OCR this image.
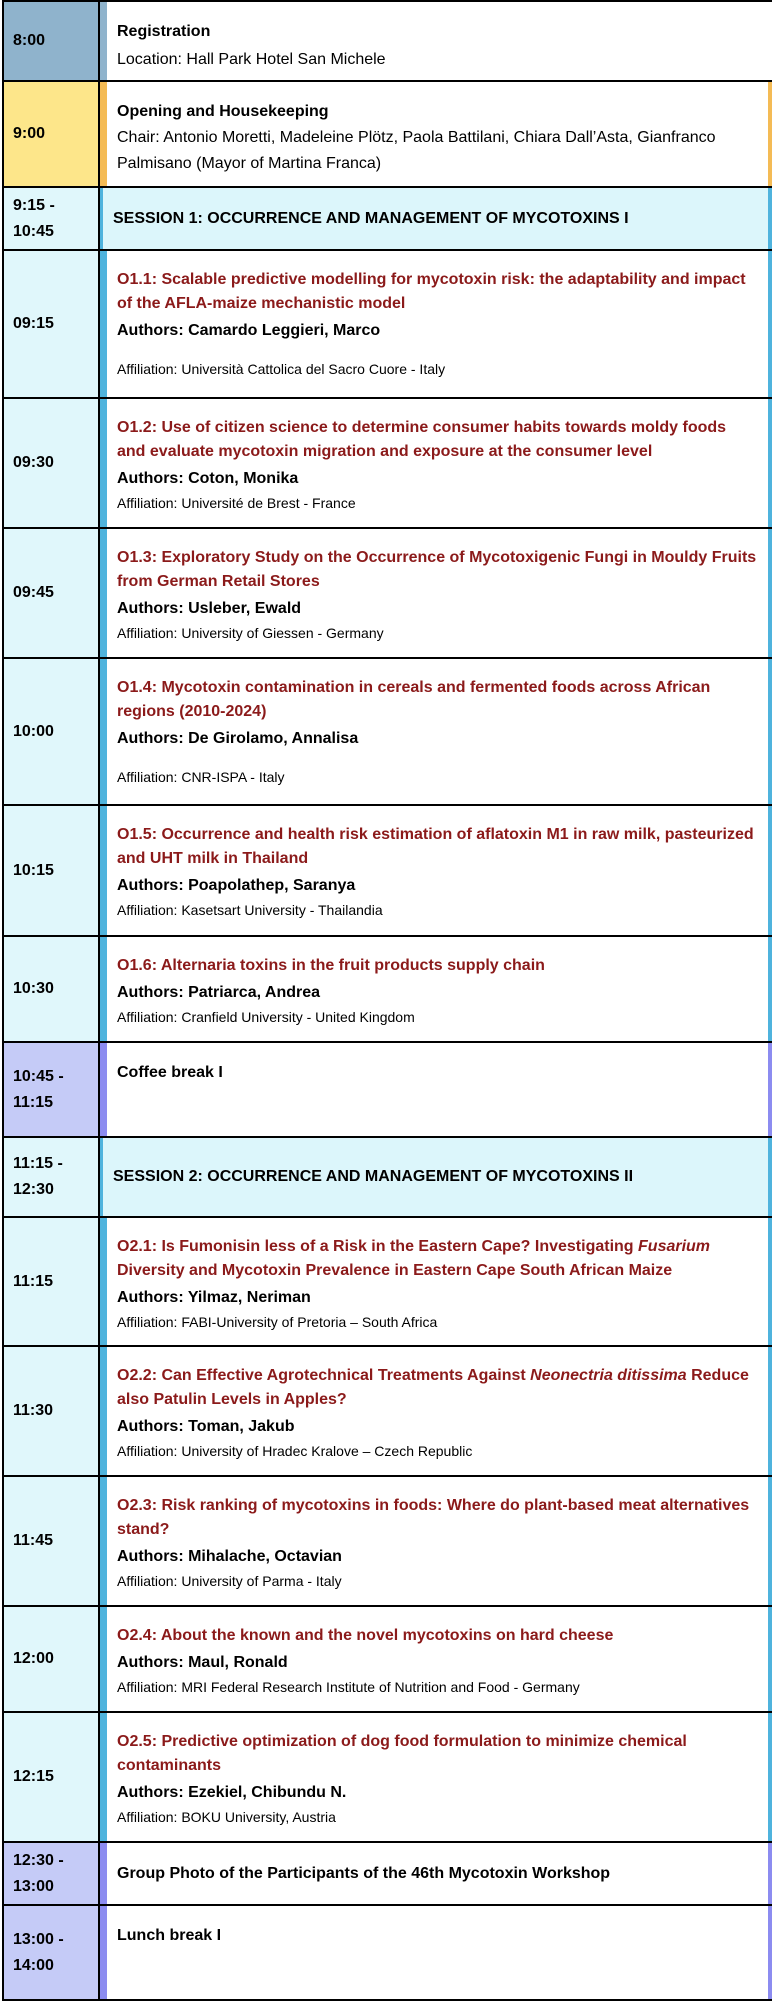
8:00
Registration
Location: Hall Park Hotel San Michele
9:00
Opening and Housekeeping
Chair: Antonio Moretti, Madeleine Plötz, Paola Battilani, Chiara Dall’Asta, Gianfranco Palmisano (Mayor of Martina Franca)
9:15 -
10:45
SESSION 1: OCCURRENCE AND MANAGEMENT OF MYCOTOXINS I
09:15
O1.1: Scalable predictive modelling for mycotoxin risk: the adaptability and impact of the AFLA-maize mechanistic model
Authors: Camardo Leggieri, Marco
Affiliation: Università Cattolica del Sacro Cuore - Italy
09:30
O1.2: Use of citizen science to determine consumer habits towards moldy foods and evaluate mycotoxin migration and exposure at the consumer level
Authors: Coton, Monika
Affiliation: Université de Brest - France
09:45
O1.3: Exploratory Study on the Occurrence of Mycotoxigenic Fungi in Mouldy Fruits from German Retail Stores
Authors: Usleber, Ewald
Affiliation: University of Giessen - Germany
10:00
O1.4: Mycotoxin contamination in cereals and fermented foods across African regions (2010-2024)
Authors: De Girolamo, Annalisa
Affiliation: CNR-ISPA - Italy
10:15
O1.5: Occurrence and health risk estimation of aflatoxin M1 in raw milk, pasteurized and UHT milk in Thailand
Authors: Poapolathep, Saranya
Affiliation: Kasetsart University - Thailandia
10:30
O1.6: Alternaria toxins in the fruit products supply chain
Authors: Patriarca, Andrea
Affiliation: Cranfield University - United Kingdom
10:45 -
11:15
Coffee break I
11:15 -
12:30
SESSION 2: OCCURRENCE AND MANAGEMENT OF MYCOTOXINS II
11:15
O2.1: Is Fumonisin less of a Risk in the Eastern Cape? Investigating Fusarium Diversity and Mycotoxin Prevalence in Eastern Cape South African Maize
Authors: Yilmaz, Neriman
Affiliation: FABI-University of Pretoria – South Africa
11:30
O2.2: Can Effective Agrotechnical Treatments Against Neonectria ditissima Reduce also Patulin Levels in Apples?
Authors: Toman, Jakub
Affiliation: University of Hradec Kralove – Czech Republic
11:45
O2.3: Risk ranking of mycotoxins in foods: Where do plant-based meat alternatives stand?
Authors: Mihalache, Octavian
Affiliation: University of Parma - Italy
12:00
O2.4: About the known and the novel mycotoxins on hard cheese
Authors: Maul, Ronald
Affiliation: MRI Federal Research Institute of Nutrition and Food - Germany
12:15
O2.5: Predictive optimization of dog food formulation to minimize chemical contaminants
Authors: Ezekiel, Chibundu N.
Affiliation: BOKU University, Austria
12:30 -
13:00
Group Photo of the Participants of the 46th Mycotoxin Workshop
13:00 -
14:00
Lunch break I
